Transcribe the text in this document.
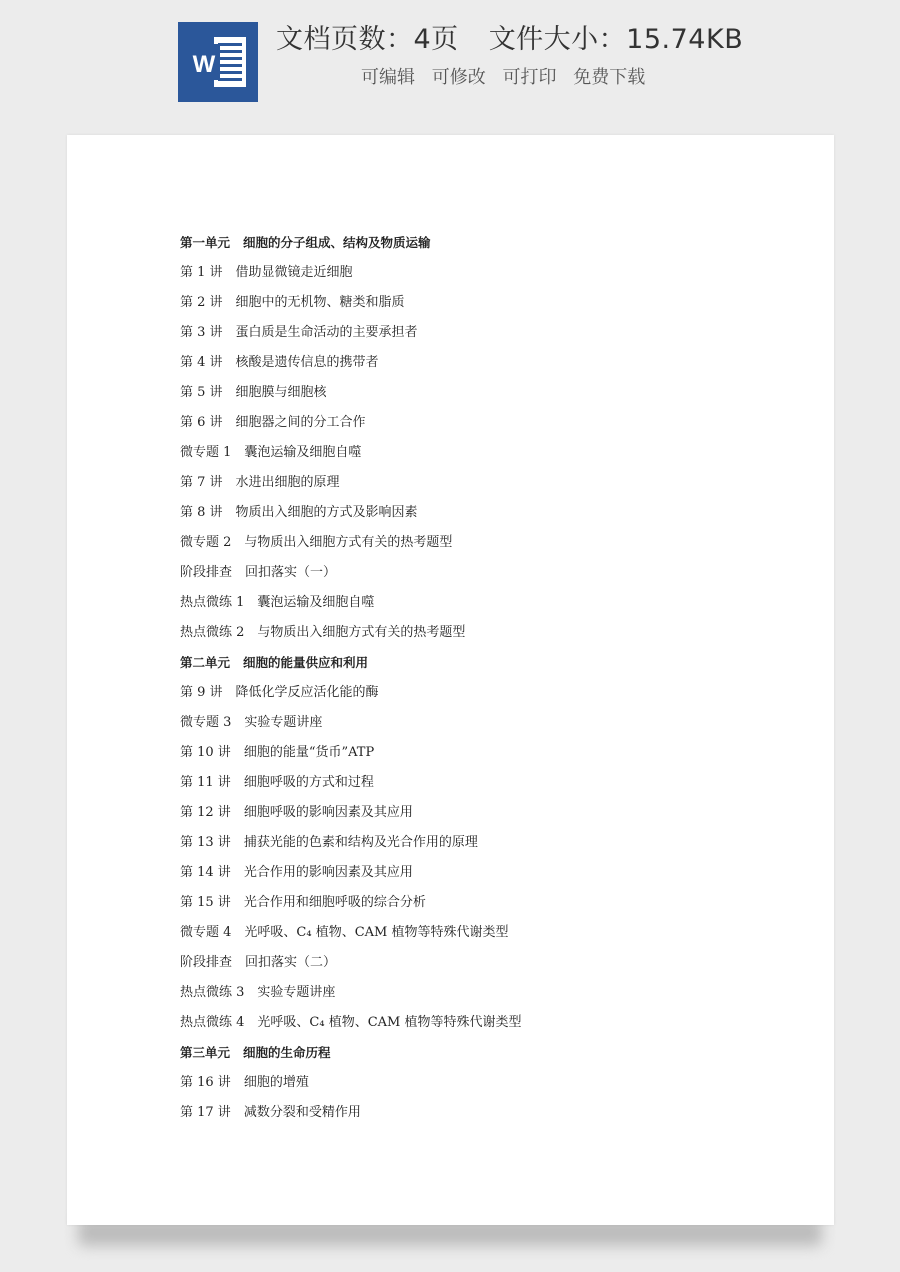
W
文档页数：4页 文件大小：15.74KB
可编辑 可修改 可打印 免费下载
第一单元 细胞的分子组成、结构及物质运输
第 1 讲 借助显微镜走近细胞
第 2 讲 细胞中的无机物、糖类和脂质
第 3 讲 蛋白质是生命活动的主要承担者
第 4 讲 核酸是遗传信息的携带者
第 5 讲 细胞膜与细胞核
第 6 讲 细胞器之间的分工合作
微专题 1 囊泡运输及细胞自噬
第 7 讲 水进出细胞的原理
第 8 讲 物质出入细胞的方式及影响因素
微专题 2 与物质出入细胞方式有关的热考题型
阶段排查 回扣落实（一）
热点微练 1 囊泡运输及细胞自噬
热点微练 2 与物质出入细胞方式有关的热考题型
第二单元 细胞的能量供应和利用
第 9 讲 降低化学反应活化能的酶
微专题 3 实验专题讲座
第 10 讲 细胞的能量“货币”ATP
第 11 讲 细胞呼吸的方式和过程
第 12 讲 细胞呼吸的影响因素及其应用
第 13 讲 捕获光能的色素和结构及光合作用的原理
第 14 讲 光合作用的影响因素及其应用
第 15 讲 光合作用和细胞呼吸的综合分析
微专题 4 光呼吸、C₄ 植物、CAM 植物等特殊代谢类型
阶段排查 回扣落实（二）
热点微练 3 实验专题讲座
热点微练 4 光呼吸、C₄ 植物、CAM 植物等特殊代谢类型
第三单元 细胞的生命历程
第 16 讲 细胞的增殖
第 17 讲 减数分裂和受精作用
